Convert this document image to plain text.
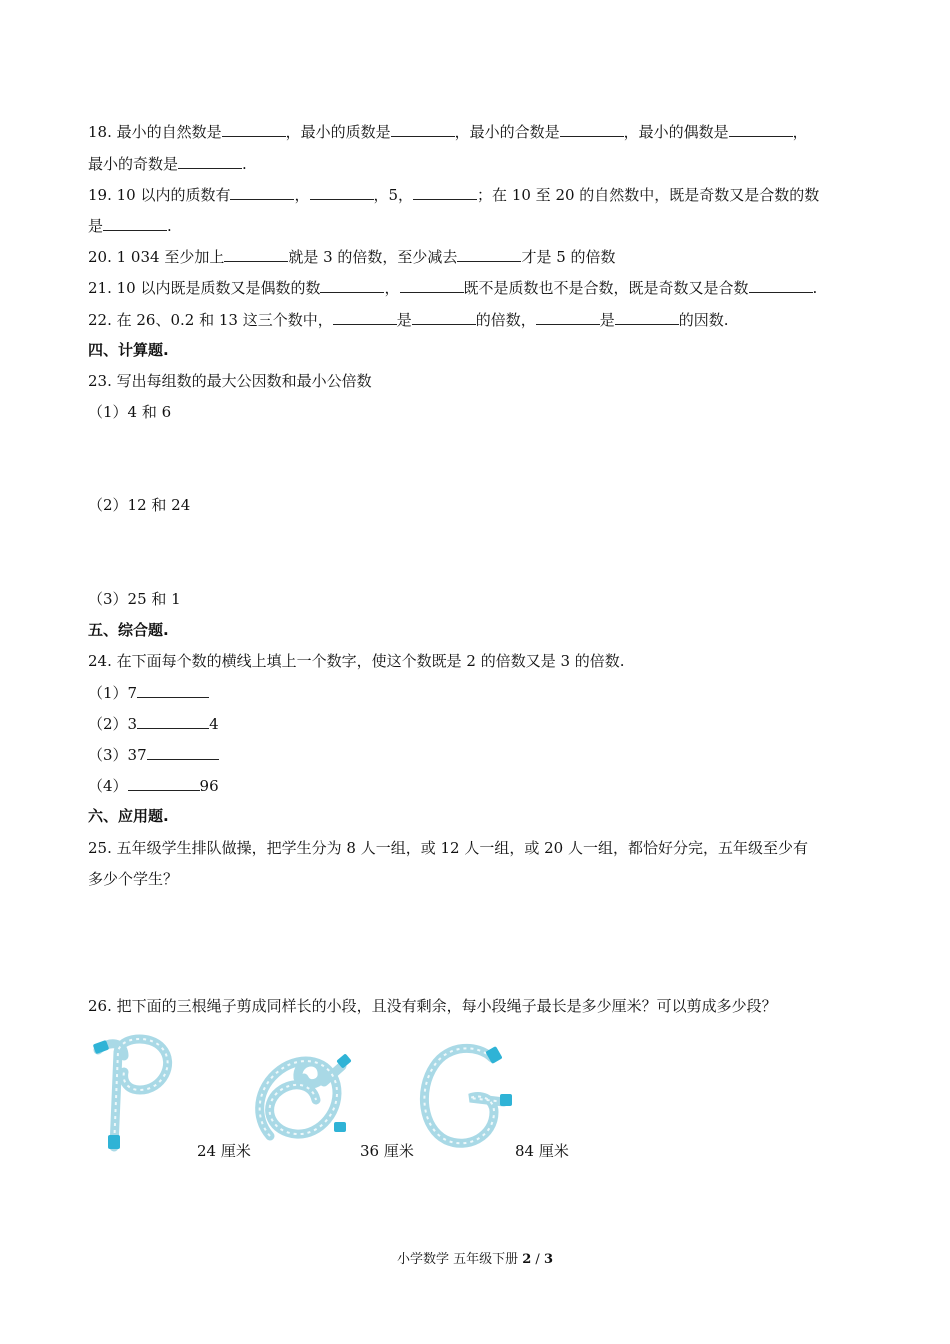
18. 最小的自然数是	，最小的质数是	，最小的合数是	，最小的偶数是	，
最小的奇数是	.
19. 10 以内的质数有	，	，5，	；在 10 至 20 的自然数中，既是奇数又是合数的数
是	.
20. 1 034 至少加上	就是 3 的倍数，至少减去	才是 5 的倍数
21. 10 以内既是质数又是偶数的数	，	既不是质数也不是合数，既是奇数又是合数	.
22. 在 26、0.2 和 13 这三个数中，	是	的倍数，	是	的因数.
四、计算题.
23. 写出每组数的最大公因数和最小公倍数
（1）4 和 6
（2）12 和 24
（3）25 和 1
五、综合题.
24. 在下面每个数的横线上填上一个数字，使这个数既是 2 的倍数又是 3 的倍数.
（1）7
（2）3	4
（3）37
（4）	96
六、应用题.
25. 五年级学生排队做操，把学生分为 8 人一组，或 12 人一组，或 20 人一组，都恰好分完，五年级至少有
多少个学生？
26. 把下面的三根绳子剪成同样长的小段，且没有剩余，每小段绳子最长是多少厘米？可以剪成多少段？
24 厘米	36 厘米	84 厘米
小学数学 五年级下册 2 / 3
